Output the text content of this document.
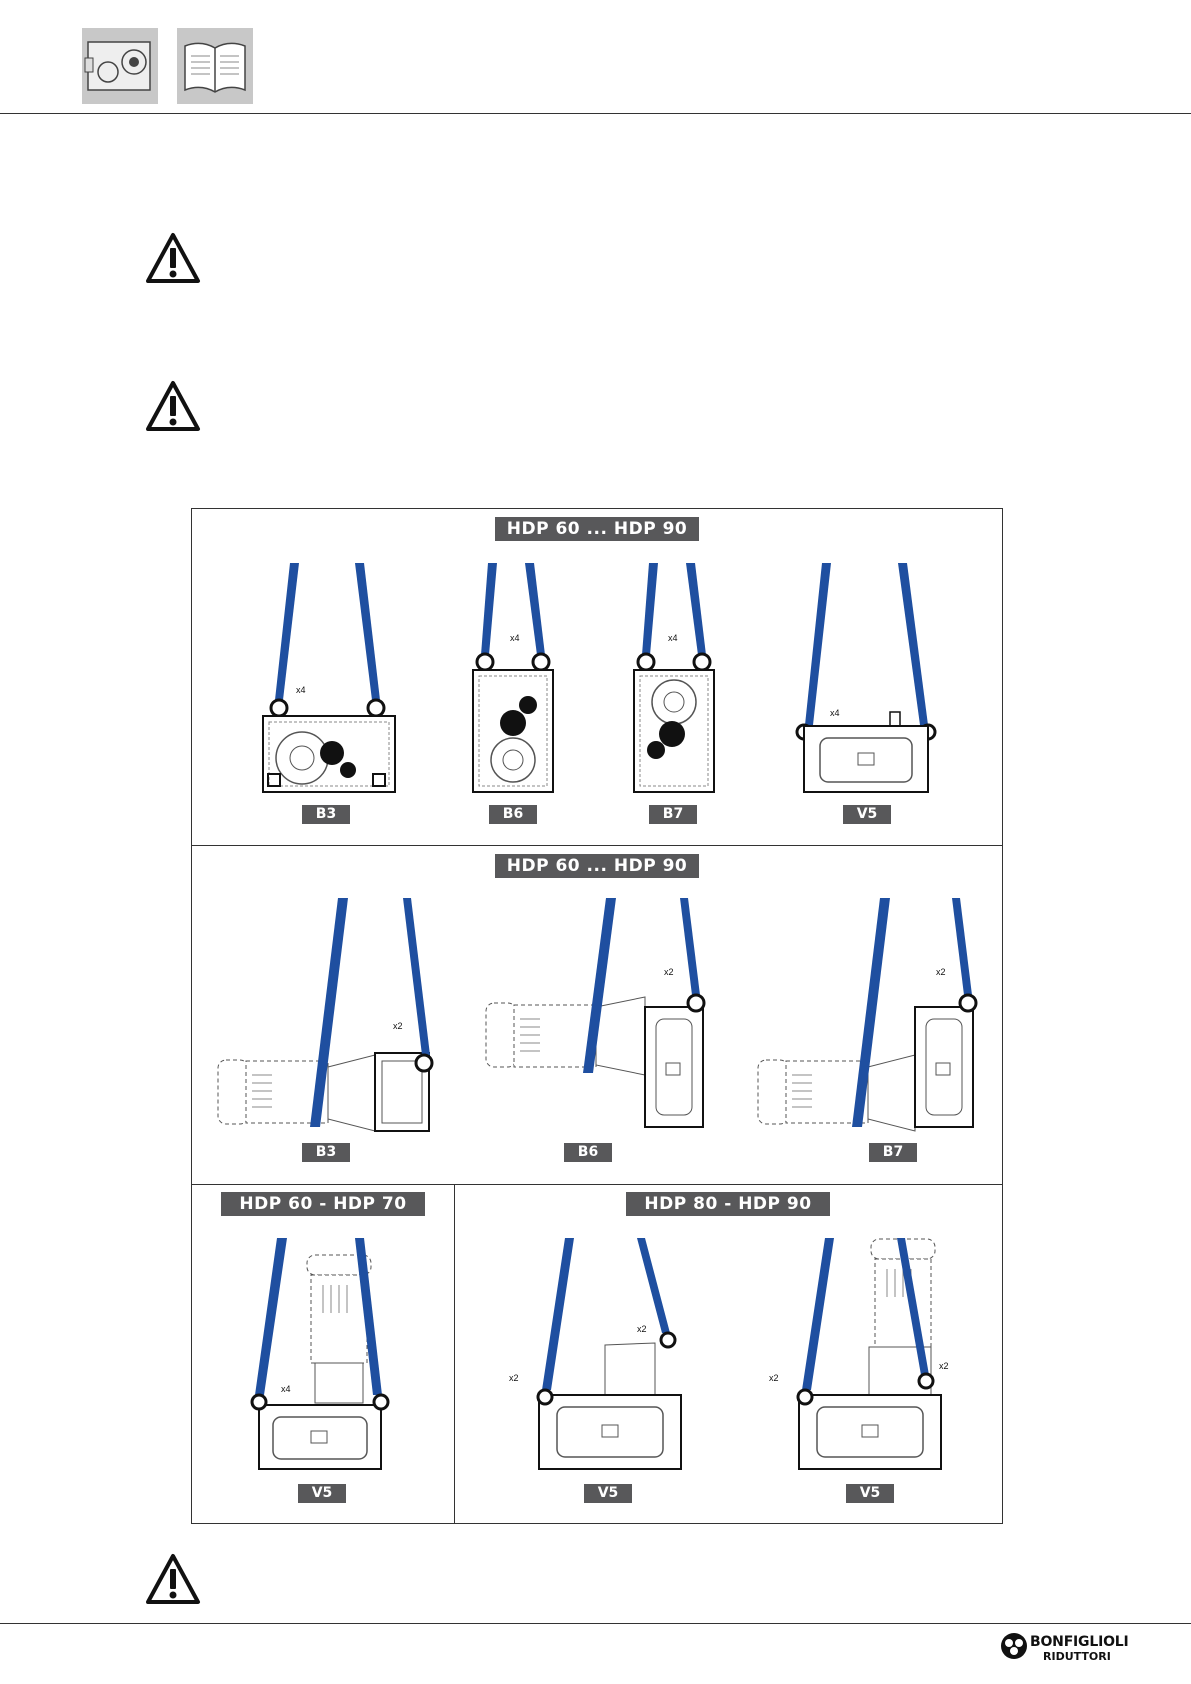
HDP 60 ... HDP 90
HDP 60 ... HDP 90
HDP 60 - HDP 70	HDP 80 - HDP 90
x4
x4	x4
x4
B3	B6	B7	V5
x2
x2	x2
B3	B6	B7
x4
x2
x2
x2
x2
V5	V5	V5
BONFIGLIOLI
RIDUTTORI
